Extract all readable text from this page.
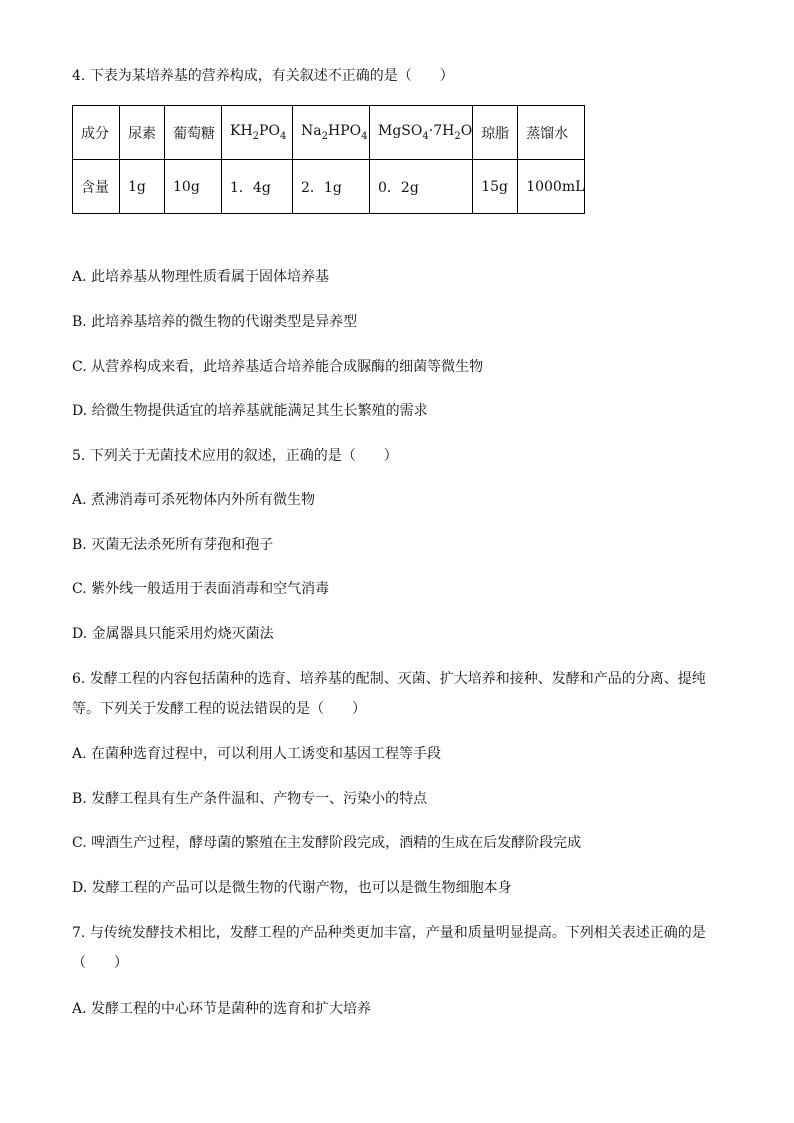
4. 下表为某培养基的营养构成，有关叙述不正确的是（　　）
成分	尿素	葡萄糖	$KH_2PO_4$	$Na_2HPO_4$	$MgSO_4\cdot 7H_2O$	琼脂	蒸馏水
含量	1g	10g	1．4g	2．1g	0．2g	15g	1000mL
A. 此培养基从物理性质看属于固体培养基
B. 此培养基培养的微生物的代谢类型是异养型
C. 从营养构成来看，此培养基适合培养能合成脲酶的细菌等微生物
D. 给微生物提供适宜的培养基就能满足其生长繁殖的需求
5. 下列关于无菌技术应用的叙述，正确的是（　　）
A. 煮沸消毒可杀死物体内外所有微生物
B. 灭菌无法杀死所有芽孢和孢子
C. 紫外线一般适用于表面消毒和空气消毒
D. 金属器具只能采用灼烧灭菌法
6. 发酵工程的内容包括菌种的选育、培养基的配制、灭菌、扩大培养和接种、发酵和产品的分离、提纯
等。下列关于发酵工程的说法错误的是（　　）
A. 在菌种选育过程中，可以利用人工诱变和基因工程等手段
B. 发酵工程具有生产条件温和、产物专一、污染小的特点
C. 啤酒生产过程，酵母菌的繁殖在主发酵阶段完成，酒精的生成在后发酵阶段完成
D. 发酵工程的产品可以是微生物的代谢产物，也可以是微生物细胞本身
7. 与传统发酵技术相比，发酵工程的产品种类更加丰富，产量和质量明显提高。下列相关表述正确的是
（　　）
A. 发酵工程的中心环节是菌种的选育和扩大培养
